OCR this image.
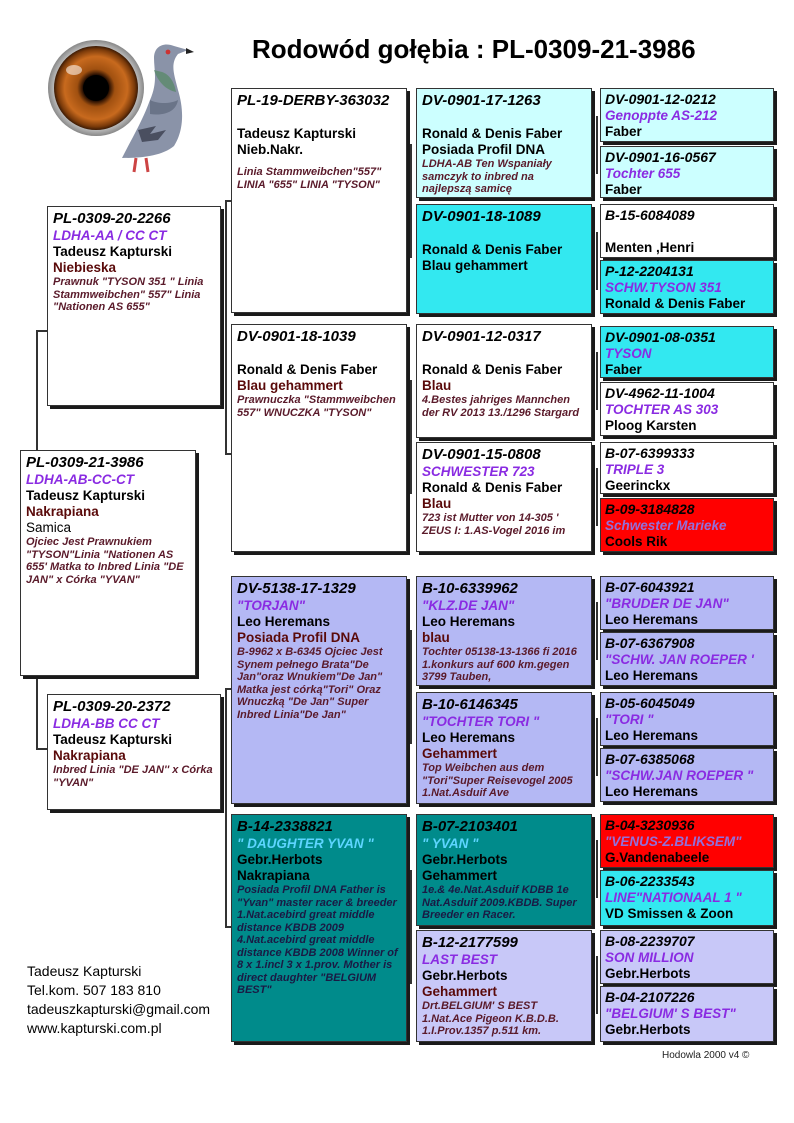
Rodowód gołębia : PL-0309-21-3986
PL-0309-21-3986
LDHA-AB-CC-CT
Tadeusz Kapturski
Nakrapiana
Samica
Ojciec Jest Prawnukiem "TYSON"Linia "Nationen AS 655' Matka to Inbred Linia "DE JAN" x Córka "YVAN"
PL-0309-20-2266
LDHA-AA / CC CT
Tadeusz Kapturski
Niebieska
Prawnuk "TYSON 351 " Linia Stammweibchen" 557" Linia "Nationen AS 655"
PL-0309-20-2372
LDHA-BB CC CT
Tadeusz Kapturski
Nakrapiana
Inbred Linia "DE JAN'' x Córka "YVAN"
PL-19-DERBY-363032
Tadeusz Kapturski
Nieb.Nakr.
Linia Stammweibchen"557" LINIA "655" LINIA "TYSON"
DV-0901-18-1039
Ronald & Denis Faber
Blau gehammert
Prawnuczka "Stammweibchen 557" WNUCZKA "TYSON"
DV-5138-17-1329
"TORJAN"
Leo Heremans
Posiada Profil DNA
B-9962 x B-6345 Ojciec Jest Synem pełnego Brata"De Jan"oraz Wnukiem"De Jan" Matka jest córką"Tori" Oraz Wnuczką "De Jan" Super Inbred Linia"De Jan"
B-14-2338821
" DAUGHTER YVAN "
Gebr.Herbots
Nakrapiana
Posiada Profil DNA Father is "Yvan" master racer & breeder 1.Nat.acebird great middle distance KBDB 2009 4.Nat.acebird great middle distance KBDB 2008 Winner of 8 x 1.incl 3 x 1.prov. Mother is direct daughter "BELGIUM BEST"
DV-0901-17-1263
Ronald & Denis Faber
Posiada Profil DNA
LDHA-AB Ten Wspaniały samczyk to inbred na najlepszą samicę
DV-0901-18-1089
Ronald & Denis Faber
Blau gehammert
DV-0901-12-0317
Ronald & Denis Faber
Blau
4.Bestes jahriges Mannchen der RV 2013 13./1296 Stargard
DV-0901-15-0808
SCHWESTER 723
Ronald & Denis Faber
Blau
723 ist Mutter von 14-305 ' ZEUS I: 1.AS-Vogel 2016 im
B-10-6339962
"KLZ.DE JAN"
Leo Heremans
blau
Tochter 05138-13-1366 fi 2016 1.konkurs auf 600 km.gegen 3799 Tauben,
B-10-6146345
"TOCHTER TORI "
Leo Heremans
Gehammert
Top Weibchen aus dem "Tori"Super Reisevogel 2005 1.Nat.Asduif Ave
B-07-2103401
" YVAN "
Gebr.Herbots
Gehammert
1e.& 4e.Nat.Asduif KDBB 1e Nat.Asduif 2009.KBDB. Super Breeder en Racer.
B-12-2177599
LAST BEST
Gebr.Herbots
Gehammert
Drt.BELGIUM' S BEST 1.Nat.Ace Pigeon K.B.D.B. 1.I.Prov.1357 p.511 km.
DV-0901-12-0212
Genoppte AS-212
Faber
DV-0901-16-0567
Tochter 655
Faber
B-15-6084089
Menten ,Henri
P-12-2204131
SCHW.TYSON 351
Ronald & Denis Faber
DV-0901-08-0351
TYSON
Faber
DV-4962-11-1004
TOCHTER AS 303
Ploog Karsten
B-07-6399333
TRIPLE 3
Geerinckx
B-09-3184828
Schwester Marieke
Cools Rik
B-07-6043921
"BRUDER DE JAN"
Leo Heremans
B-07-6367908
"SCHW. JAN ROEPER '
Leo Heremans
B-05-6045049
"TORI "
Leo Heremans
B-07-6385068
"SCHW.JAN ROEPER "
Leo Heremans
B-04-3230936
"VENUS-Z.BLIKSEM"
G.Vandenabeele
B-06-2233543
LINE"NATIONAAL 1 "
VD Smissen & Zoon
B-08-2239707
SON MILLION
Gebr.Herbots
B-04-2107226
"BELGIUM' S BEST"
Gebr.Herbots
Tadeusz Kapturski
Tel.kom. 507 183 810
tadeuszkapturski@gmail.com
www.kapturski.com.pl
Hodowla 2000 v4 ©
